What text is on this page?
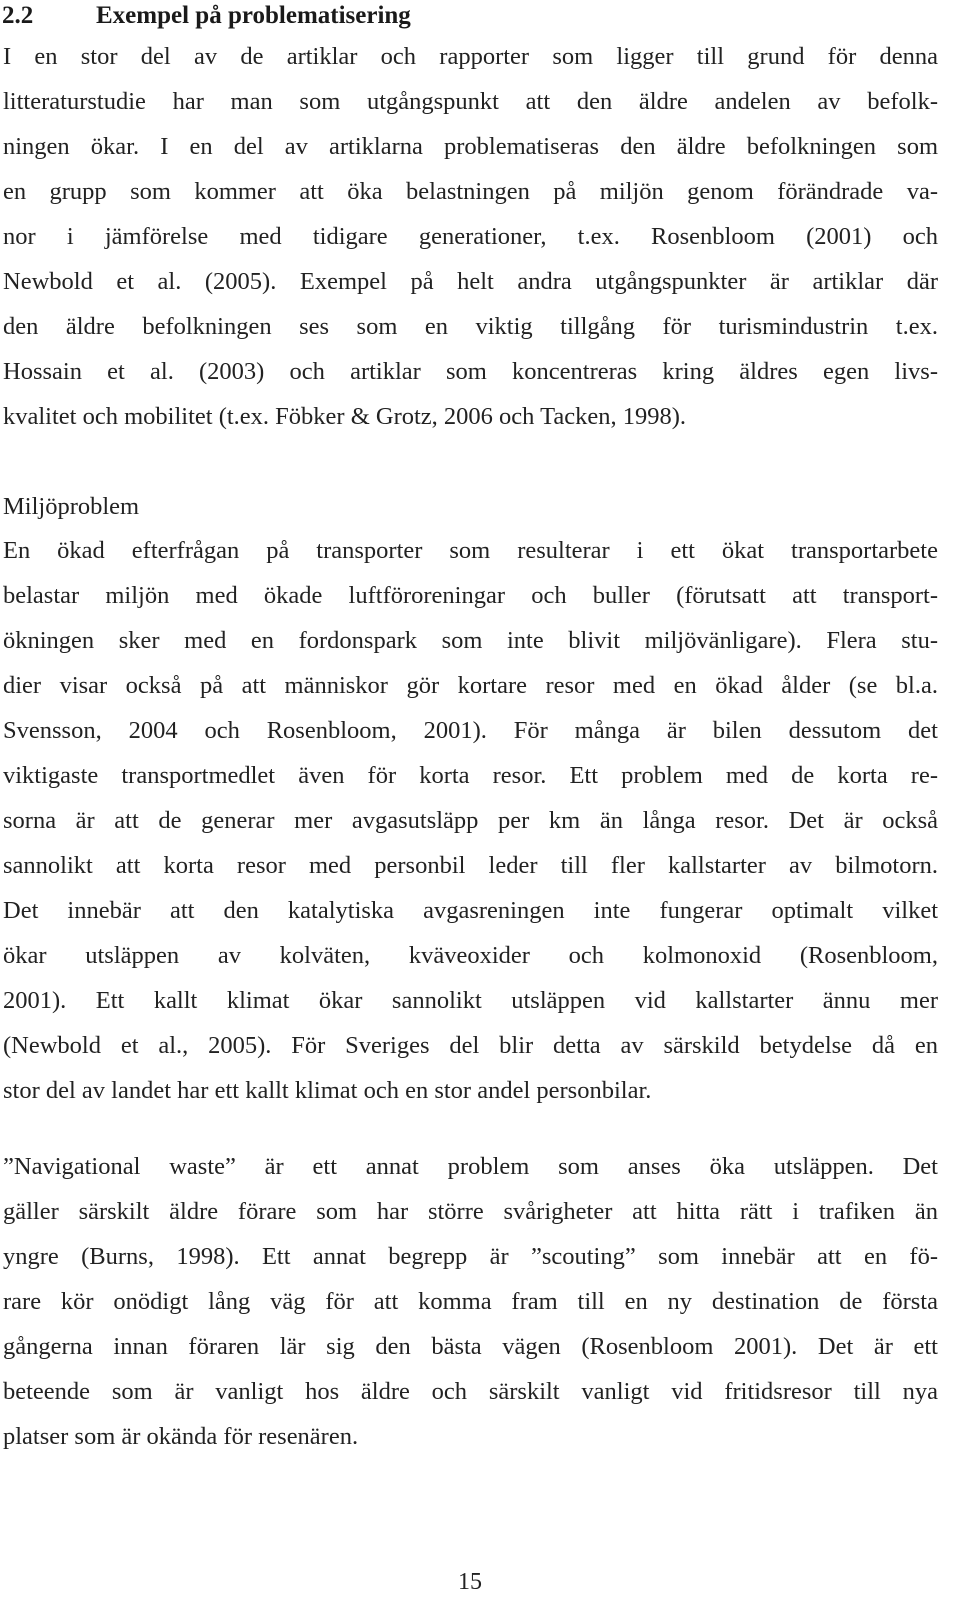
2.2	Exempel på problematisering

I en stor del av de artiklar och rapporter som ligger till grund för denna
litteraturstudie har man som utgångspunkt att den äldre andelen av befolk-
ningen ökar. I en del av artiklarna problematiseras den äldre befolkningen som
en grupp som kommer att öka belastningen på miljön genom förändrade va-
nor i jämförelse med tidigare generationer, t.ex. Rosenbloom (2001) och
Newbold et al. (2005). Exempel på helt andra utgångspunkter är artiklar där
den äldre befolkningen ses som en viktig tillgång för turismindustrin t.ex.
Hossain et al. (2003) och artiklar som koncentreras kring äldres egen livs-
kvalitet och mobilitet (t.ex. Föbker & Grotz, 2006 och Tacken, 1998).

Miljöproblem

En ökad efterfrågan på transporter som resulterar i ett ökat transportarbete
belastar miljön med ökade luftföroreningar och buller (förutsatt att transport-
ökningen sker med en fordonspark som inte blivit miljövänligare). Flera stu-
dier visar också på att människor gör kortare resor med en ökad ålder (se bl.a.
Svensson, 2004 och Rosenbloom, 2001). För många är bilen dessutom det
viktigaste transportmedlet även för korta resor. Ett problem med de korta re-
sorna är att de generar mer avgasutsläpp per km än långa resor. Det är också
sannolikt att korta resor med personbil leder till fler kallstarter av bilmotorn.
Det innebär att den katalytiska avgasreningen inte fungerar optimalt vilket
ökar utsläppen av kolväten, kväveoxider och kolmonoxid (Rosenbloom,
2001). Ett kallt klimat ökar sannolikt utsläppen vid kallstarter ännu mer
(Newbold et al., 2005). För Sveriges del blir detta av särskild betydelse då en
stor del av landet har ett kallt klimat och en stor andel personbilar.

”Navigational waste” är ett annat problem som anses öka utsläppen. Det
gäller särskilt äldre förare som har större svårigheter att hitta rätt i trafiken än
yngre (Burns, 1998). Ett annat begrepp är ”scouting” som innebär att en fö-
rare kör onödigt lång väg för att komma fram till en ny destination de första
gångerna innan föraren lär sig den bästa vägen (Rosenbloom 2001). Det är ett
beteende som är vanligt hos äldre och särskilt vanligt vid fritidsresor till nya
platser som är okända för resenären.

15
